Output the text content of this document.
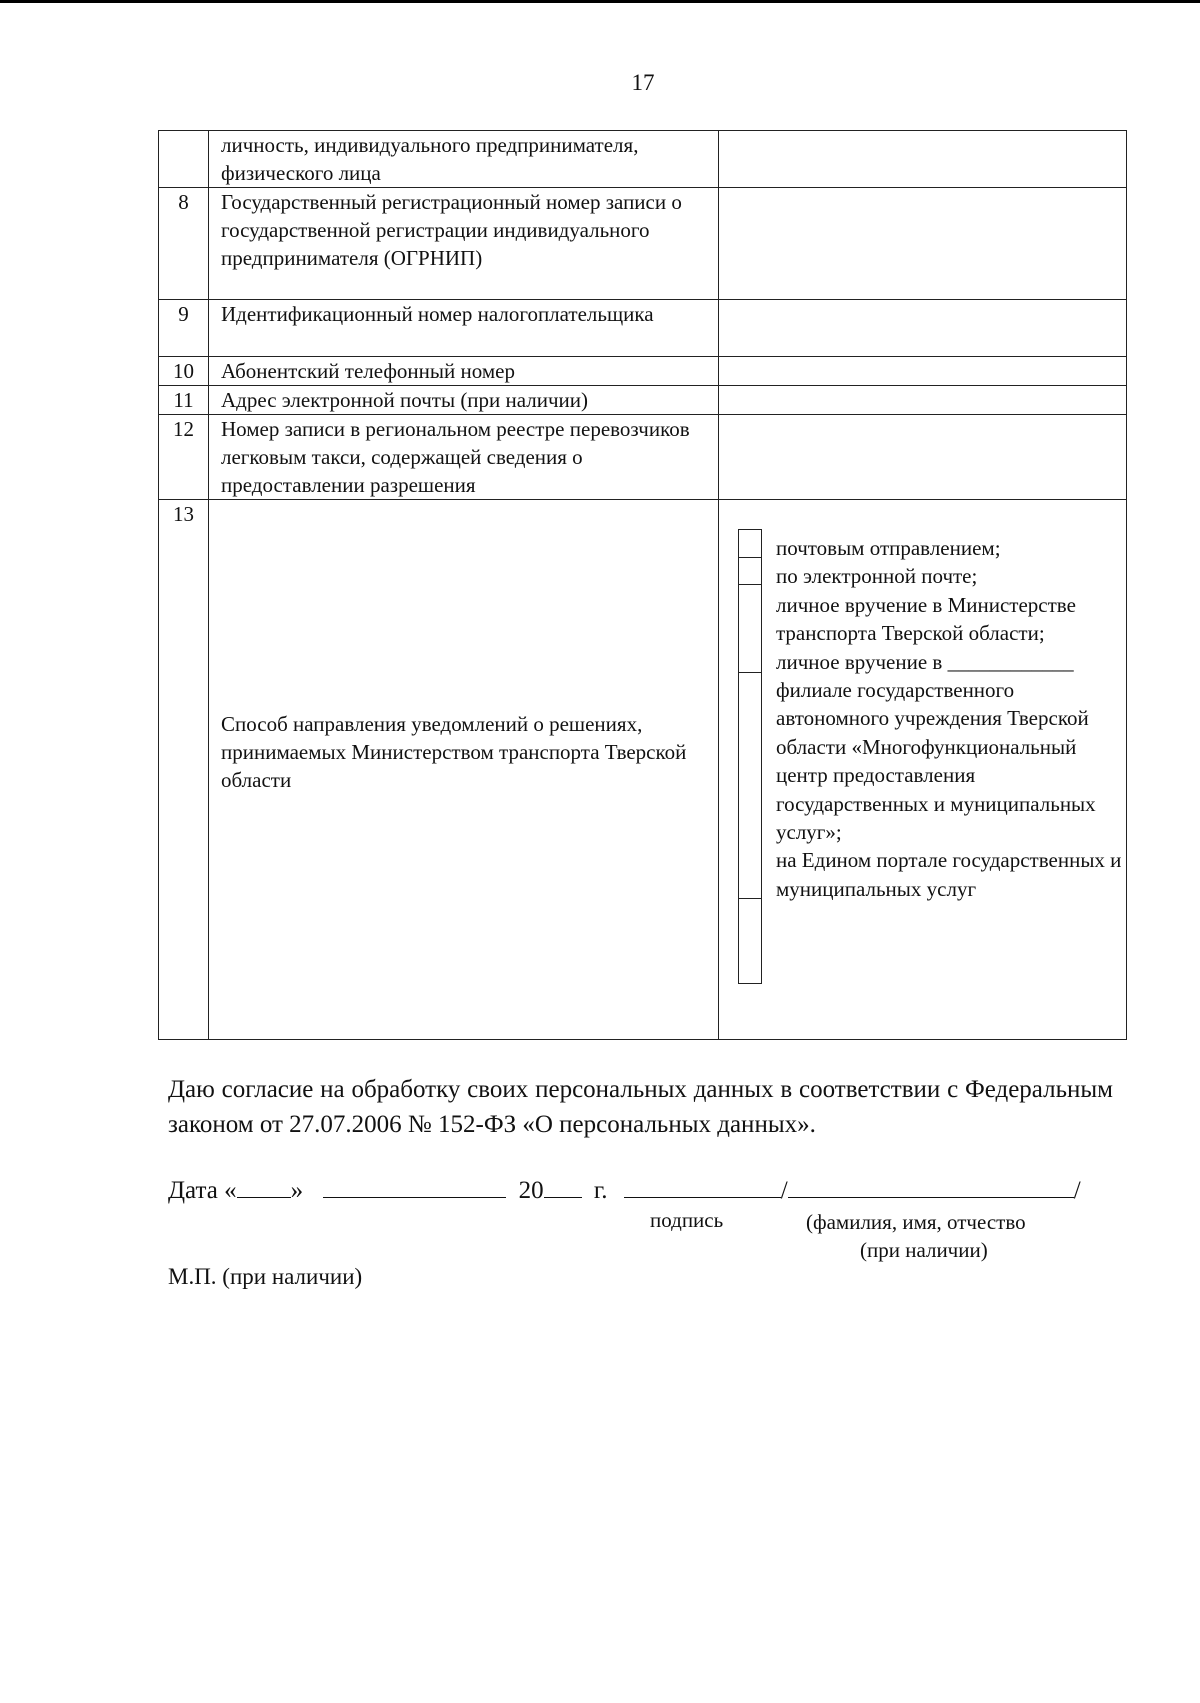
17
	личность, индивидуального предпринимателя, физического лица	
8	Государственный регистрационный номер записи о государственной регистрации индивидуального предпринимателя (ОГРНИП)	
9	Идентификационный номер налогоплательщика	
10	Абонентский телефонный номер	
11	Адрес электронной почты (при наличии)	
12	Номер записи в региональном реестре перевозчиков легковым такси, содержащей сведения о предоставлении разрешения	
13	Способ направления уведомлений о решениях, принимаемых Министерством транспорта Тверской области	почтовым отправлением;
по электронной почте;
личное вручение в Министерстве транспорта Тверской области;
личное вручение в ____________ филиале государственного автономного учреждения Тверской области «Многофункциональный центр предоставления государственных и муниципальных услуг»;
на Едином портале государственных и муниципальных услуг
Даю согласие на обработку своих персональных данных в соответствии с Федеральным законом от 27.07.2006 № 152-ФЗ «О персональных данных».
Дата « »	20 г.	/	/
подпись	(фамилия, имя, отчество
(при наличии)
М.П. (при наличии)
